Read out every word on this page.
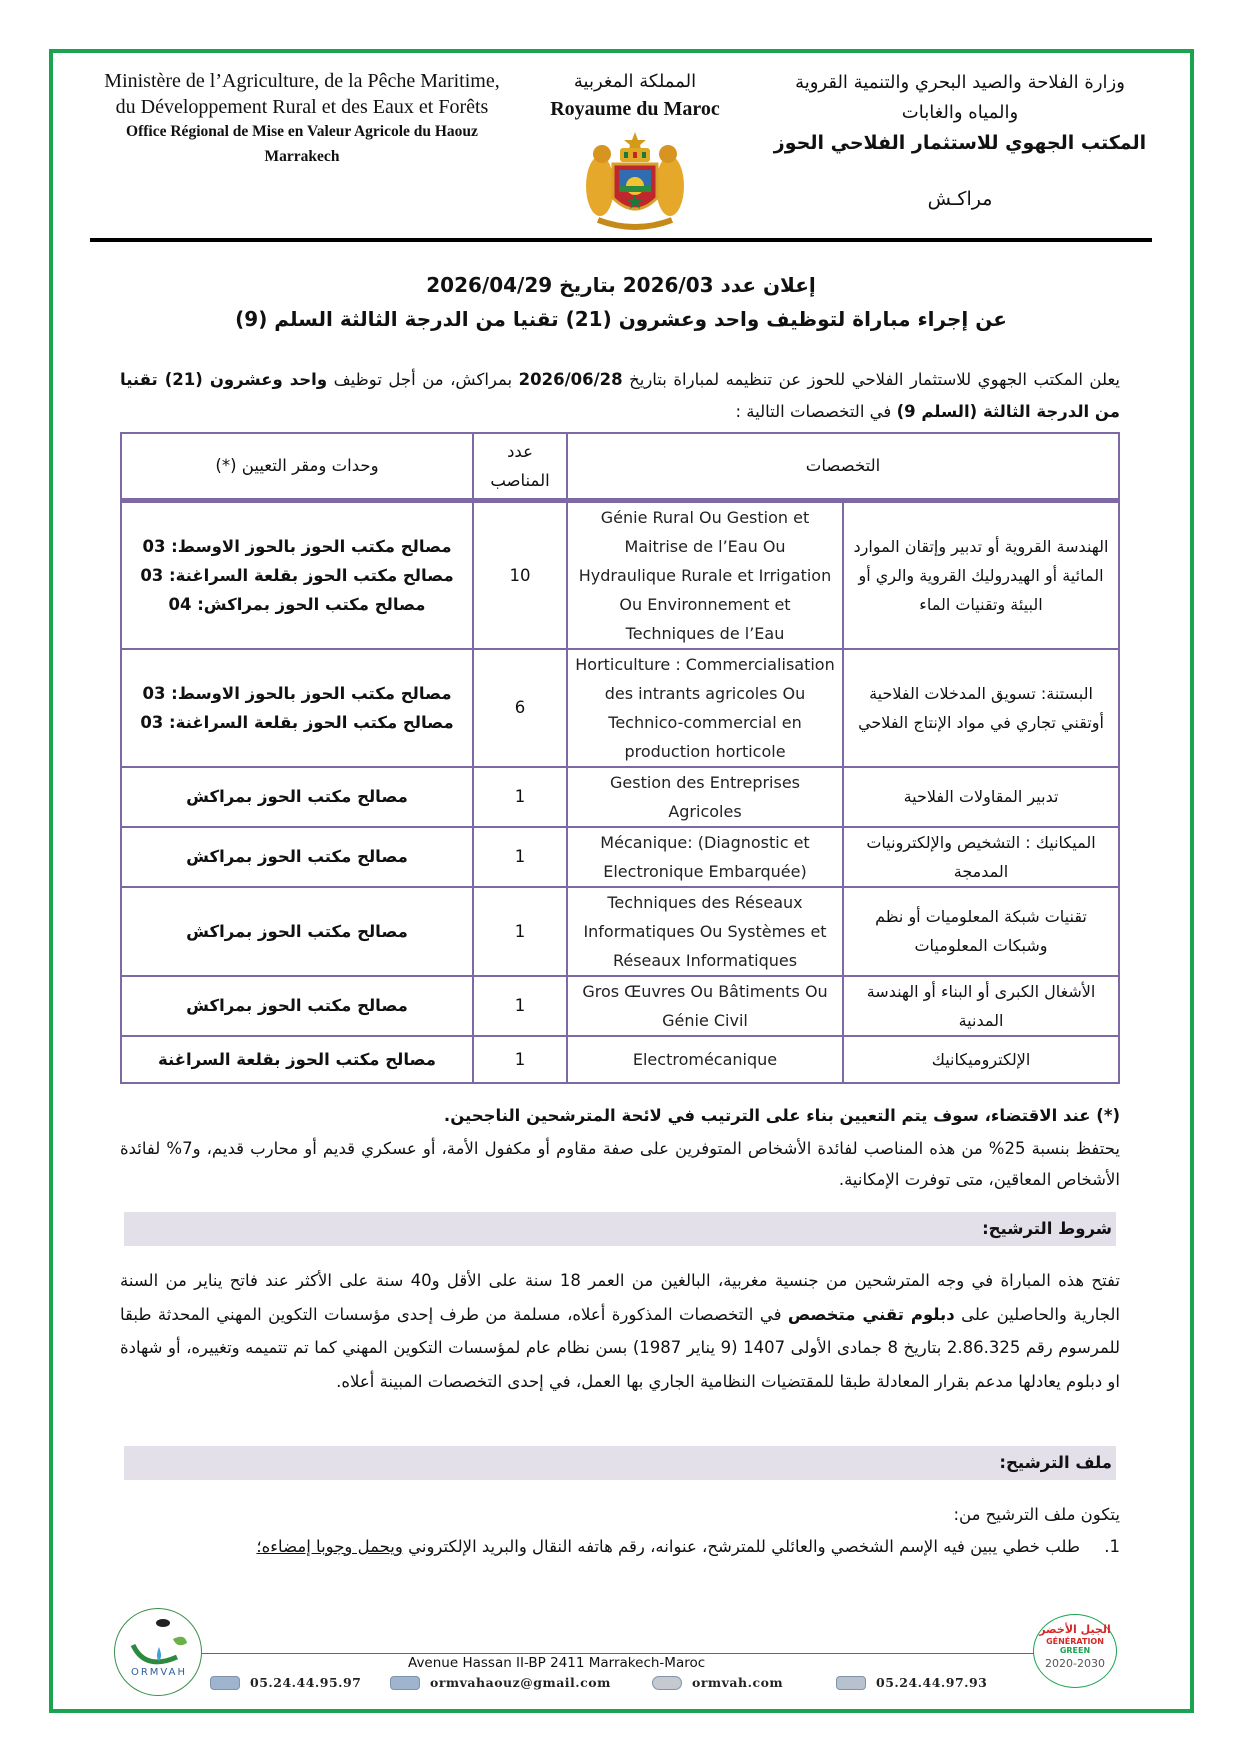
Ministère de l’Agriculture, de la Pêche Maritime, du Développement Rural et des Eaux et Forêts
Office Régional de Mise en Valeur Agricole du Haouz
Marrakech
المملكة المغربية
Royaume du Maroc
وزارة الفلاحة والصيد البحري والتنمية القروية والمياه والغابات
المكتب الجهوي للاستثمار الفلاحي الحوز
مراكـش
إعلان عدد 2026/03 بتاريخ 2026/04/29
عن إجراء مباراة لتوظيف واحد وعشرون (21) تقنيا من الدرجة الثالثة السلم (9)
يعلن المكتب الجهوي للاستثمار الفلاحي للحوز عن تنظيمه لمباراة بتاريخ 2026/06/28 بمراكش، من أجل توظيف واحد وعشرون (21) تقنيا من الدرجة الثالثة (السلم 9) في التخصصات التالية :
التخصصات		عدد المناصب	وحدات ومقر التعيين (*)
الهندسة القروية أو تدبير وإتقان الموارد المائية أو الهيدروليك القروية والري أو البيئة وتقنيات الماء	Génie Rural Ou Gestion et Maitrise de l’Eau Ou Hydraulique Rurale et Irrigation Ou Environnement et Techniques de l’Eau	10	مصالح مكتب الحوز بالحوز الاوسط: 03
مصالح مكتب الحوز بقلعة السراغنة: 03
مصالح مكتب الحوز بمراكش: 04

البستنة: تسويق المدخلات الفلاحية أوتقني تجاري في مواد الإنتاج الفلاحي	Horticulture : Commercialisation des intrants agricoles Ou Technico-commercial en production horticole	6	مصالح مكتب الحوز بالحوز الاوسط: 03
مصالح مكتب الحوز بقلعة السراغنة: 03

تدبير المقاولات الفلاحية	Gestion des Entreprises Agricoles	1	مصالح مكتب الحوز بمراكش
الميكانيك : التشخيص والإلكترونيات المدمجة	Mécanique: (Diagnostic et Electronique Embarquée)	1	مصالح مكتب الحوز بمراكش
تقنيات شبكة المعلوميات أو نظم وشبكات المعلوميات	Techniques des Réseaux Informatiques Ou Systèmes et Réseaux Informatiques	1	مصالح مكتب الحوز بمراكش
الأشغال الكبرى أو البناء أو الهندسة المدنية	Gros Œuvres Ou Bâtiments Ou Génie Civil	1	مصالح مكتب الحوز بمراكش
الإلكتروميكانيك	Electromécanique	1	مصالح مكتب الحوز بقلعة السراغنة
(*) عند الاقتضاء، سوف يتم التعيين بناء على الترتيب في لائحة المترشحين الناجحين.
يحتفظ بنسبة 25% من هذه المناصب لفائدة الأشخاص المتوفرين على صفة مقاوم أو مكفول الأمة، أو عسكري قديم أو محارب قديم، و7% لفائدة الأشخاص المعاقين، متى توفرت الإمكانية.
شروط الترشيح:
تفتح هذه المباراة في وجه المترشحين من جنسية مغربية، البالغين من العمر 18 سنة على الأقل و40 سنة على الأكثر عند فاتح يناير من السنة الجارية والحاصلين على دبلوم تقني متخصص في التخصصات المذكورة أعلاه، مسلمة من طرف إحدى مؤسسات التكوين المهني المحدثة طبقا للمرسوم رقم 2.86.325 بتاريخ 8 جمادى الأولى 1407 (9 يناير 1987) بسن نظام عام لمؤسسات التكوين المهني كما تم تتميمه وتغييره، أو شهادة او دبلوم يعادلها مدعم بقرار المعادلة طبقا للمقتضيات النظامية الجاري بها العمل، في إحدى التخصصات المبينة أعلاه.
ملف الترشيح:
يتكون ملف الترشيح من:
1.طلب خطي يبين فيه الإسم الشخصي والعائلي للمترشح، عنوانه، رقم هاتفه النقال والبريد الإلكتروني ويحمل وجوبا إمضاءه؛
ORMVAH
الجيل الأخضر
GÉNÉRATION GREEN
2020-2030
Avenue Hassan II-BP 2411 Marrakech-Maroc
05.24.44.95.97	ormvahaouz@gmail.com	ormvah.com	05.24.44.97.93
